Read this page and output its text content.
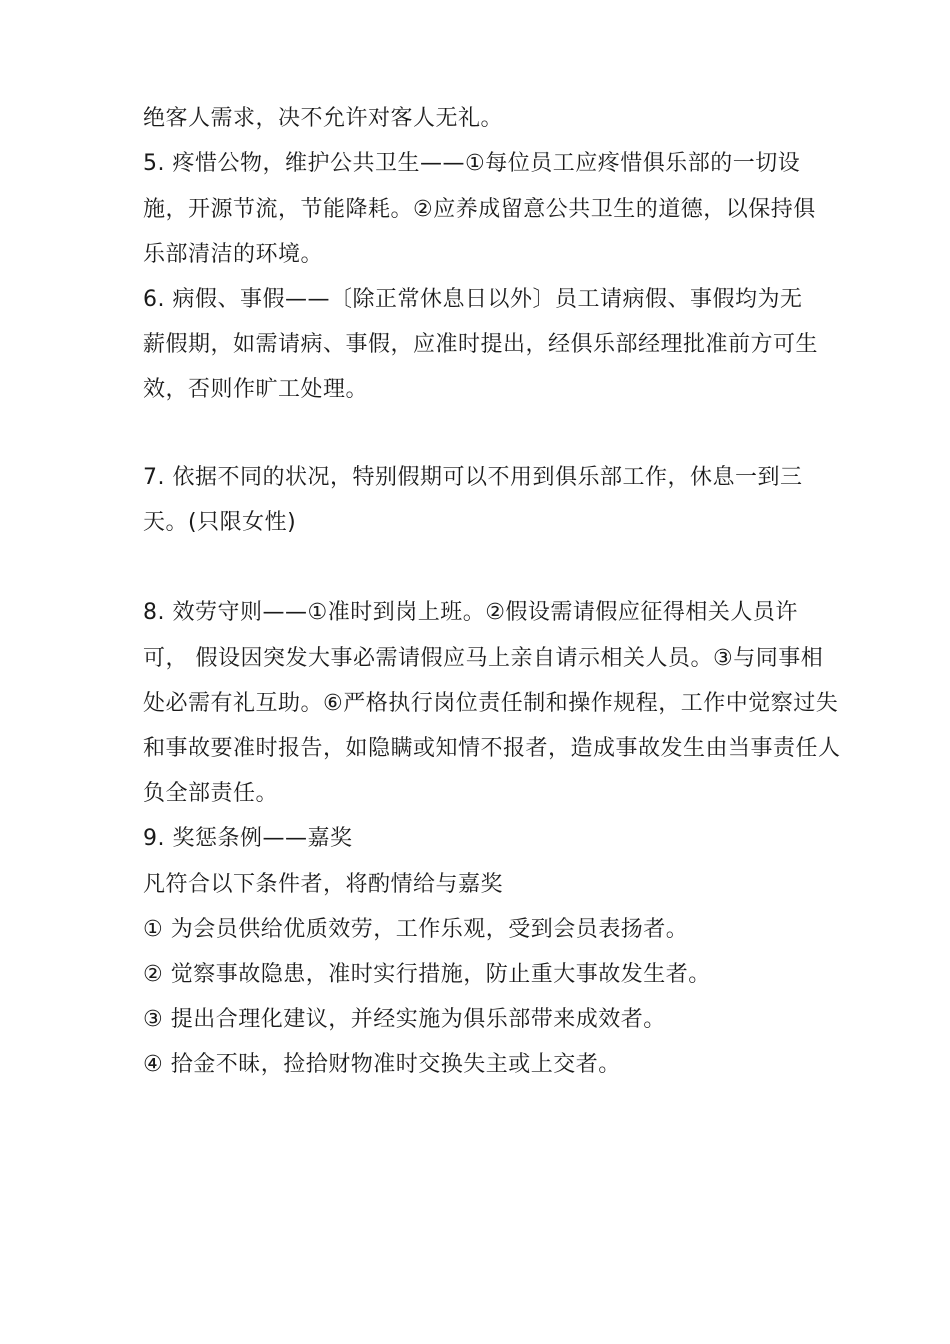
绝客人需求，决不允许对客人无礼。
5. 疼惜公物，维护公共卫生——①每位员工应疼惜俱乐部的一切设
施，开源节流，节能降耗。②应养成留意公共卫生的道德，以保持俱
乐部清洁的环境。
6. 病假、事假——〔除正常休息日以外〕员工请病假、事假均为无
薪假期，如需请病、事假，应准时提出，经俱乐部经理批准前方可生
效，否则作旷工处理。
7. 依据不同的状况，特别假期可以不用到俱乐部工作，休息一到三
天。(只限女性)
8. 效劳守则——①准时到岗上班。②假设需请假应征得相关人员许
可， 假设因突发大事必需请假应马上亲自请示相关人员。③与同事相
处必需有礼互助。⑥严格执行岗位责任制和操作规程，工作中觉察过失
和事故要准时报告，如隐瞒或知情不报者，造成事故发生由当事责任人
负全部责任。
9. 奖惩条例——嘉奖
凡符合以下条件者，将酌情给与嘉奖
① 为会员供给优质效劳，工作乐观，受到会员表扬者。
② 觉察事故隐患，准时实行措施，防止重大事故发生者。
③ 提出合理化建议，并经实施为俱乐部带来成效者。
④ 拾金不昧，捡拾财物准时交换失主或上交者。
